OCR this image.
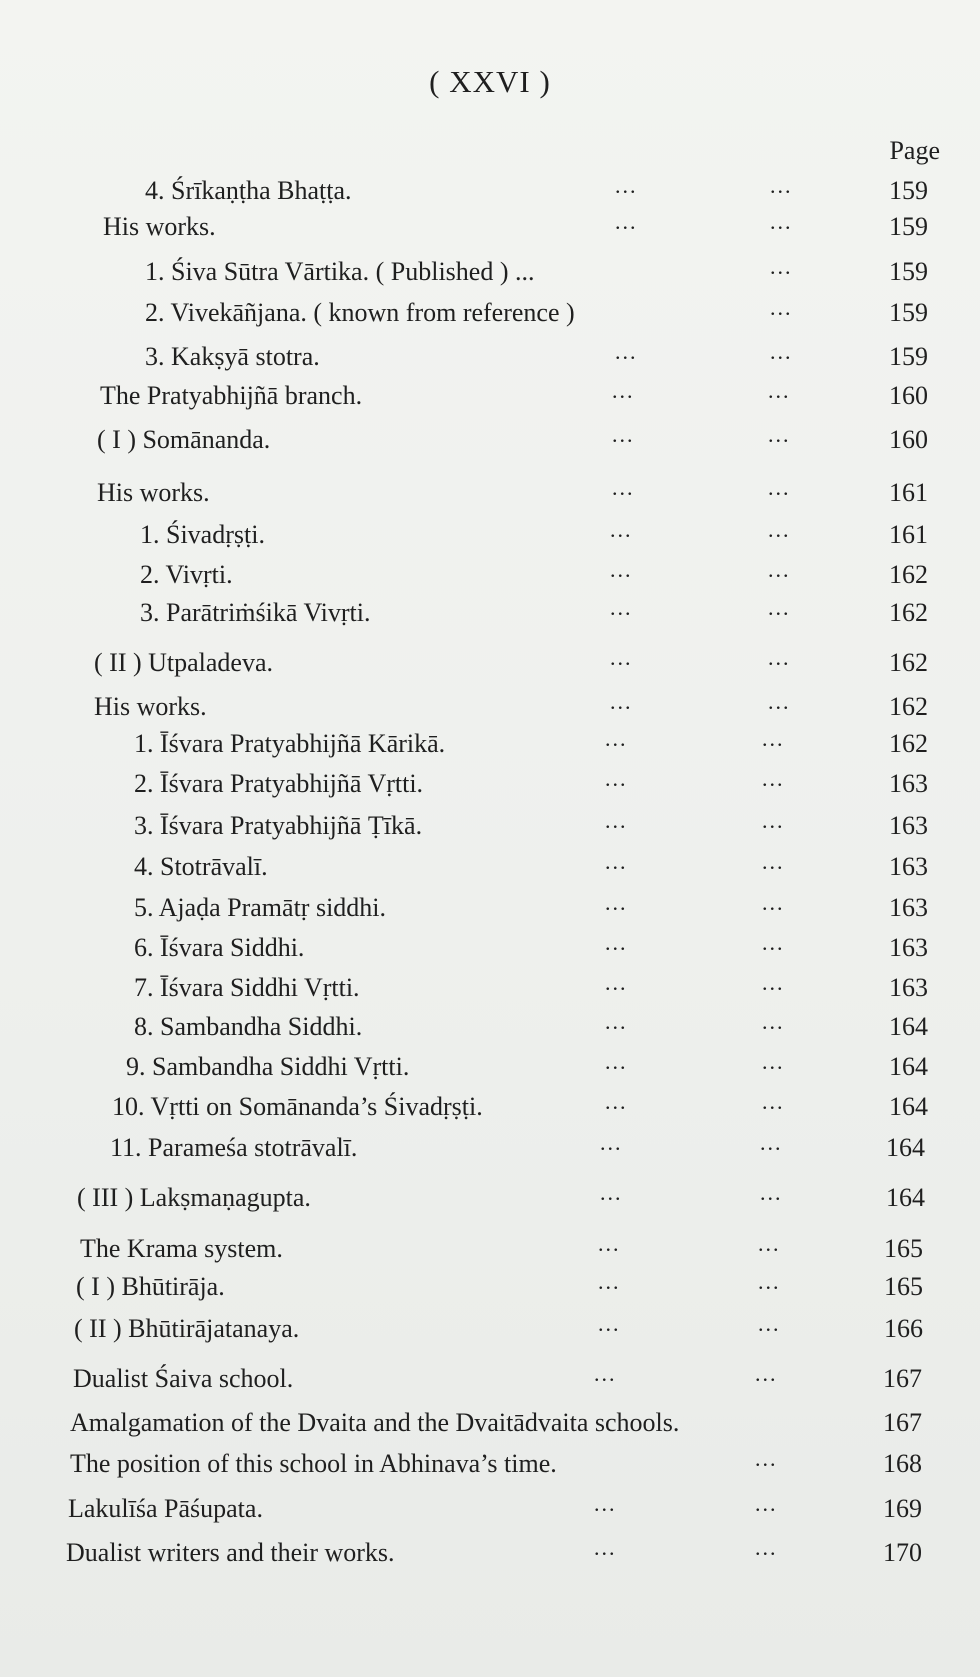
( XXVI )
Page
4. Śrīkaṇṭha Bhaṭṭa.	...	...	159
His works.	...	...	159
1. Śiva Sūtra Vārtika. ( Published ) ...	...	159
2. Vivekāñjana. ( known from reference )	...	159
3. Kakṣyā stotra.	...	...	159
The Pratyabhijñā branch.	...	...	160
( I ) Somānanda.	...	...	160
His works.	...	...	161
1. Śivadṛṣṭi.	...	...	161
2. Vivṛti.	...	...	162
3. Parātriṁśikā Vivṛti.	...	...	162
( II ) Utpaladeva.	...	...	162
His works.	...	...	162
1. Īśvara Pratyabhijñā Kārikā.	...	...	162
2. Īśvara Pratyabhijñā Vṛtti.	...	...	163
3. Īśvara Pratyabhijñā Ṭīkā.	...	...	163
4. Stotrāvalī.	...	...	163
5. Ajaḍa Pramātṛ siddhi.	...	...	163
6. Īśvara Siddhi.	...	...	163
7. Īśvara Siddhi Vṛtti.	...	...	163
8. Sambandha Siddhi.	...	...	164
9. Sambandha Siddhi Vṛtti.	...	...	164
10. Vṛtti on Somānanda’s Śivadṛṣṭi.	...	...	164
11. Parameśa stotrāvalī.	...	...	164
( III ) Lakṣmaṇagupta.	...	...	164
The Krama system.	...	...	165
( I ) Bhūtirāja.	...	...	165
( II ) Bhūtirājatanaya.	...	...	166
Dualist Śaiva school.	...	...	167
Amalgamation of the Dvaita and the Dvaitādvaita schools.	167
The position of this school in Abhinava’s time.	...	168
Lakulīśa Pāśupata.	...	...	169
Dualist writers and their works.	...	...	170
